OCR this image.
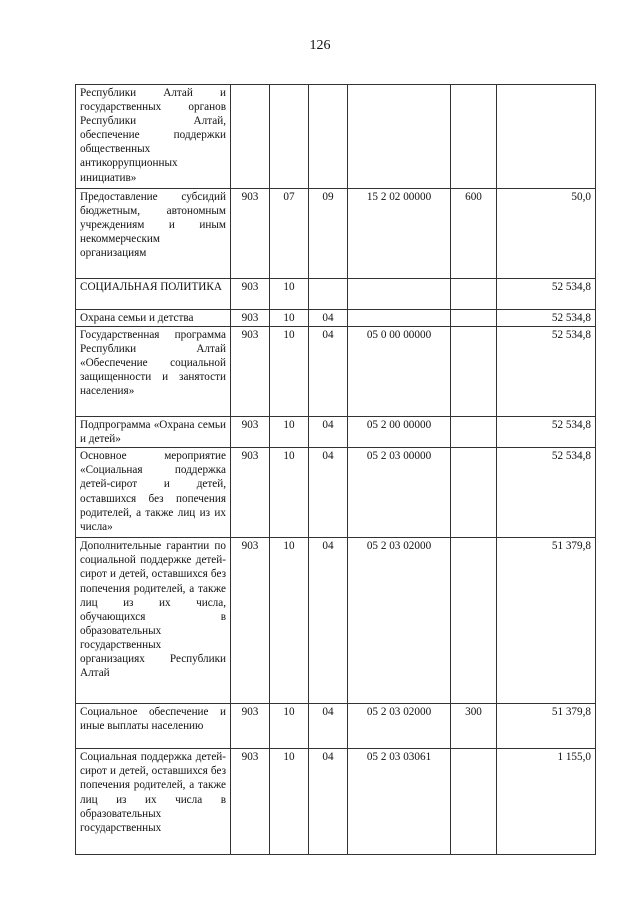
126
Республики Алтай и государственных органов Республики Алтай, обеспечение поддержки общественных антикоррупционных инициатив»						
Предоставление субсидий бюджетным, автономным учреждениям и иным некоммерческим организациям	903	07	09	15 2 02 00000	600	50,0
СОЦИАЛЬНАЯ ПОЛИТИКА	903	10				52 534,8
Охрана семьи и детства	903	10	04			52 534,8
Государственная программа Республики Алтай «Обеспечение социальной защищенности и занятости населения»	903	10	04	05 0 00 00000		52 534,8
Подпрограмма «Охрана семьи и детей»	903	10	04	05 2 00 00000		52 534,8
Основное мероприятие «Социальная поддержка детей-сирот и детей, оставшихся без попечения родителей, а также лиц из их числа»	903	10	04	05 2 03 00000		52 534,8
Дополнительные гарантии по социальной поддержке детей-сирот и детей, оставшихся без попечения родителей, а также лиц из их числа, обучающихся в образовательных государственных организациях Республики Алтай	903	10	04	05 2 03 02000		51 379,8
Социальное обеспечение и иные выплаты населению	903	10	04	05 2 03 02000	300	51 379,8
Социальная поддержка детей-сирот и детей, оставшихся без попечения родителей, а также лиц из их числа в образовательных государственных	903	10	04	05 2 03 03061		1 155,0
